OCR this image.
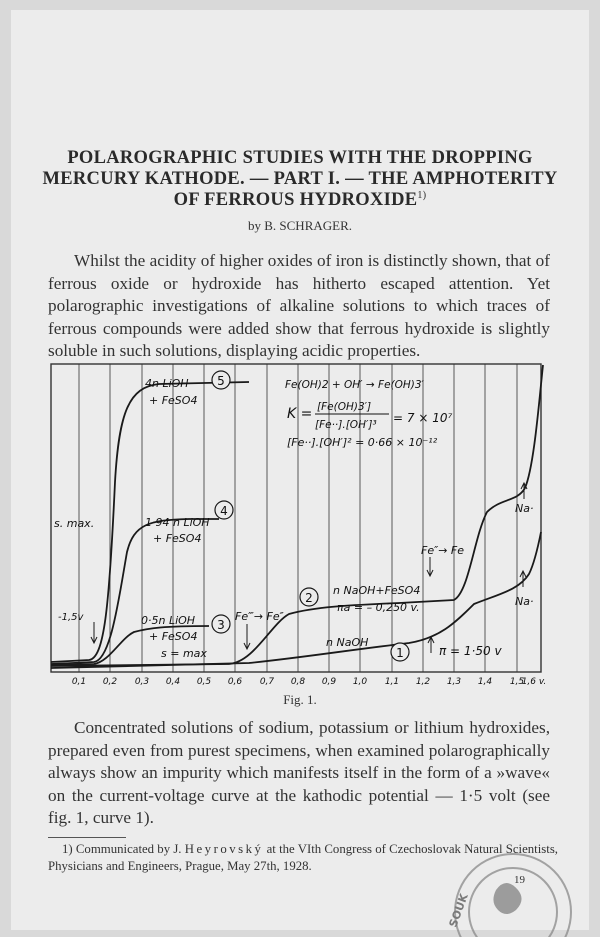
POLAROGRAPHIC STUDIES WITH THE DROPPING
MERCURY KATHODE. — PART I. — THE AMPHOTERITY
OF FERROUS HYDROXIDE$^{1)}$
by B. SCHRAGER.

Whilst the acidity of higher oxides of iron is distinctly shown, that of ferrous oxide or hydroxide has hitherto escaped attention. Yet polarographic investigations of alkaline solutions to which traces of ferrous compounds were added show that ferrous hydroxide is slightly soluble in such solutions, displaying acidic properties.

5
4
3
2
1
4n LiOH
+ FeSO4
1·94 n LiOH
+ FeSO4
0·5n LiOH
+ FeSO4
n NaOH+FeSO4
n NaOH
s. max.
s = max
-1,5v	Fe‴→ Fe″
Fe″→ Fe
πa = – 0,250 v.
π = 1·50 v
Na·
Na·
Fe(OH)2 + OH′ → Fe(OH)3′
K = [Fe(OH)3′]
[Fe··].[OH′]³ = 7 × 10⁷
[Fe··].[OH′]² = 0·66 × 10⁻¹²
0,1 0,2 0,3 0,4 0,5 0,6 0,7 0,8 0,9 1,0 1,1 1,2 1,3 1,4 1,5
1,6 v.
Fig. 1.

Concentrated solutions of sodium, potassium or lithium hydroxides, prepared even from purest specimens, when examined polarographically always show an impurity which manifests itself in the form of a »wave« on the current-voltage curve at the kathodic potential — 1·5 volt (see fig. 1, curve 1).

1) Communicated by J. Heyrovský at the VIth Congress of Czechoslovak Natural Scientists, Physicians and Engineers, Prague, May 27th, 1928.

SOUK
19
